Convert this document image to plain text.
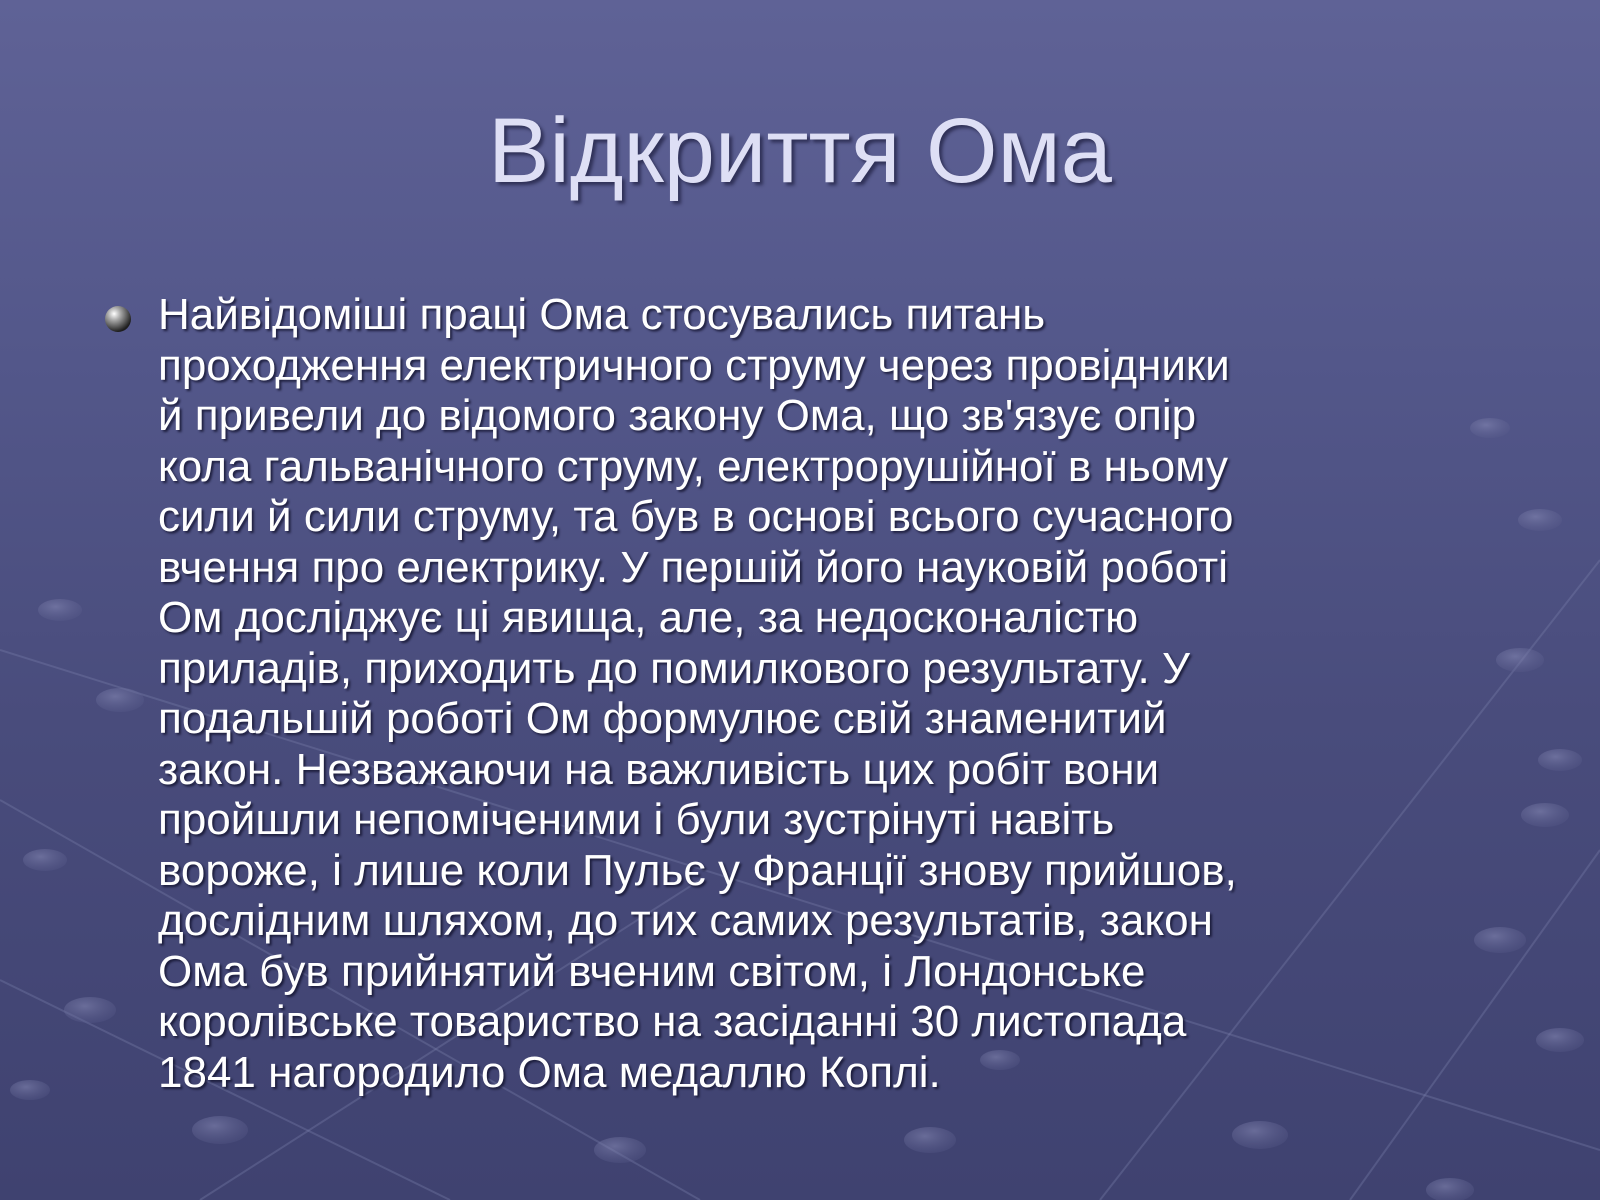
Відкриття Ома
Найвідоміші праці Ома стосувались питань
проходження електричного струму через провідники
й привели до відомого закону Ома, що зв'язує опір
кола гальванічного струму, електрорушійної в ньому
сили й сили струму, та був в основі всього сучасного
вчення про електрику. У першій його науковій роботі
Ом досліджує ці явища, але, за недосконалістю
приладів, приходить до помилкового результату. У
подальшій роботі Ом формулює свій знаменитий
закон. Незважаючи на важливість цих робіт вони
пройшли непоміченими і були зустрінуті навіть
вороже, і лише коли Пульє у Франції знову прийшов,
дослідним шляхом, до тих самих результатів, закон
Ома був прийнятий вченим світом, і Лондонське
королівське товариство на засіданні 30 листопада
1841 нагородило Ома медаллю Коплі.
